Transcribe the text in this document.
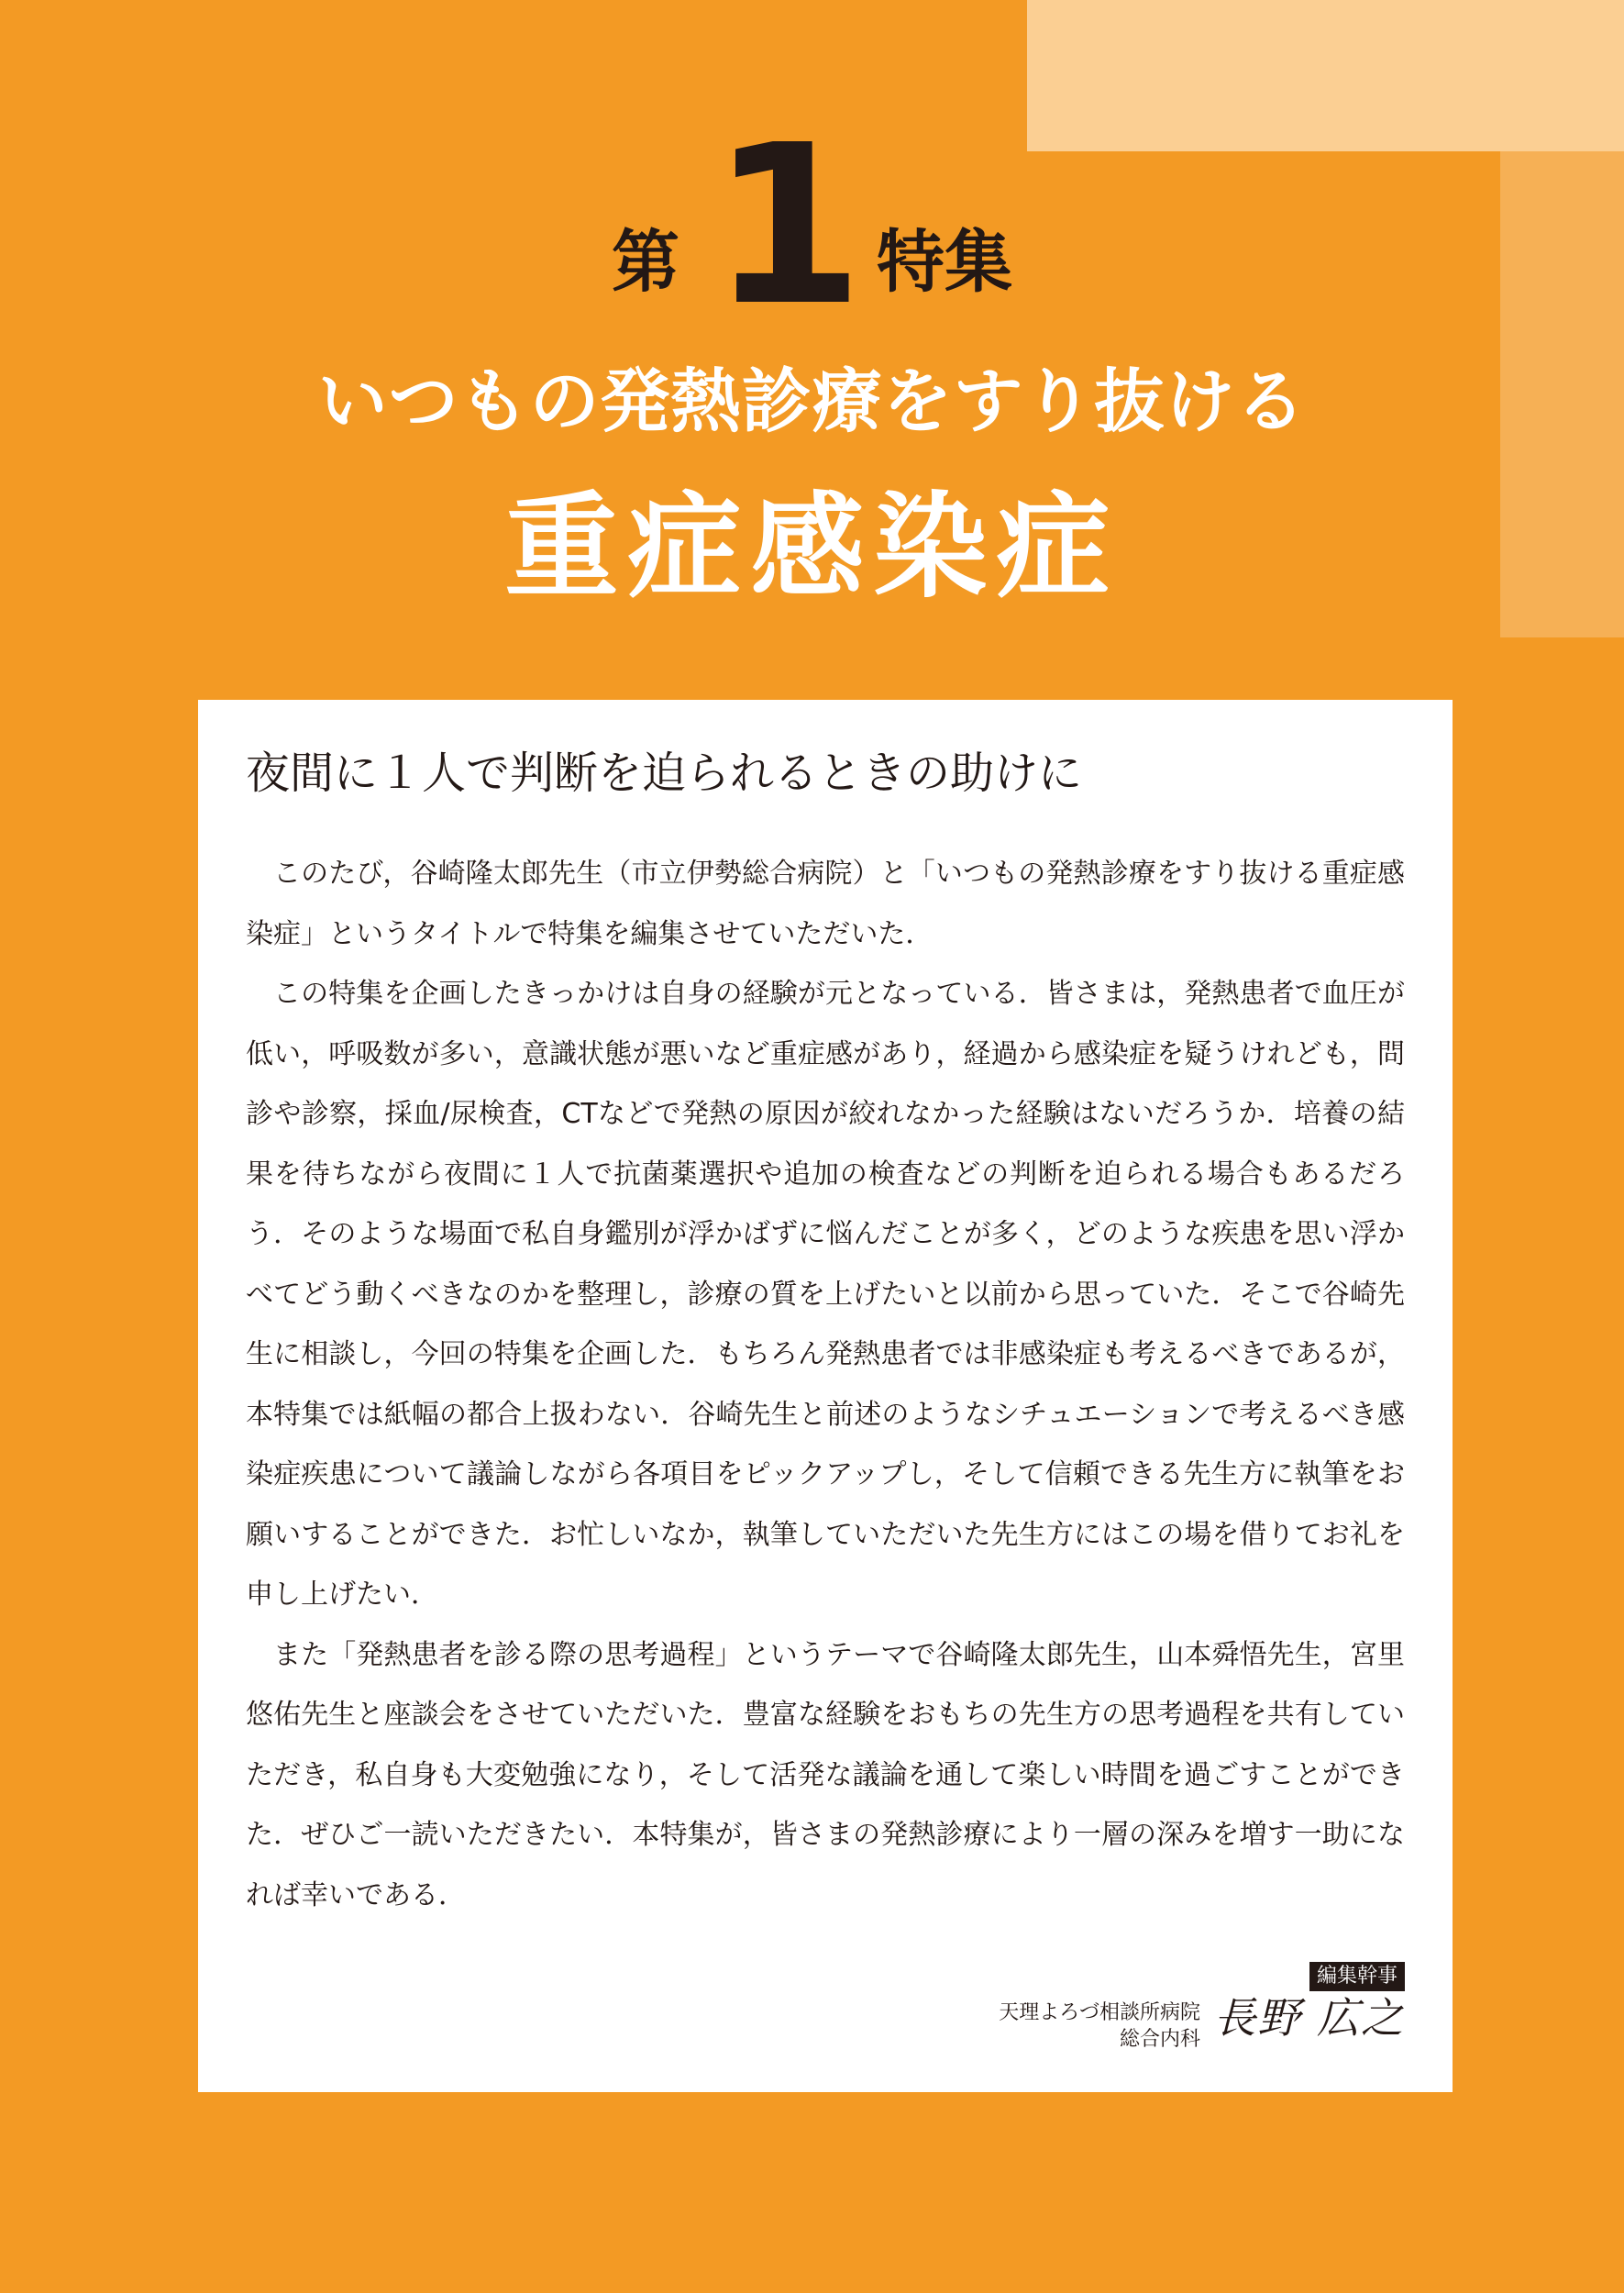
第 1 特集
いつもの発熱診療をすり抜ける
重症感染症
夜間に１人で判断を迫られるときの助けに

このたび，谷崎隆太郎先生（市立伊勢総合病院）と「いつもの発熱診療をすり抜ける重症感染症」というタイトルで特集を編集させていただいた．

この特集を企画したきっかけは自身の経験が元となっている．皆さまは，発熱患者で血圧が低い，呼吸数が多い，意識状態が悪いなど重症感があり，経過から感染症を疑うけれども，問診や診察，採血/尿検査，CTなどで発熱の原因が絞れなかった経験はないだろうか．培養の結果を待ちながら夜間に１人で抗菌薬選択や追加の検査などの判断を迫られる場合もあるだろう．そのような場面で私自身鑑別が浮かばずに悩んだことが多く，どのような疾患を思い浮かべてどう動くべきなのかを整理し，診療の質を上げたいと以前から思っていた．そこで谷崎先生に相談し，今回の特集を企画した．もちろん発熱患者では非感染症も考えるべきであるが，本特集では紙幅の都合上扱わない．谷崎先生と前述のようなシチュエーションで考えるべき感染症疾患について議論しながら各項目をピックアップし，そして信頼できる先生方に執筆をお願いすることができた．お忙しいなか，執筆していただいた先生方にはこの場を借りてお礼を申し上げたい．

また「発熱患者を診る際の思考過程」というテーマで谷崎隆太郎先生，山本舜悟先生，宮里悠佑先生と座談会をさせていただいた．豊富な経験をおもちの先生方の思考過程を共有していただき，私自身も大変勉強になり，そして活発な議論を通して楽しい時間を過ごすことができた．ぜひご一読いただきたい．本特集が，皆さまの発熱診療により一層の深みを増す一助になれば幸いである．

編集幹事
天理よろづ相談所病院
総合内科 長野 広之
